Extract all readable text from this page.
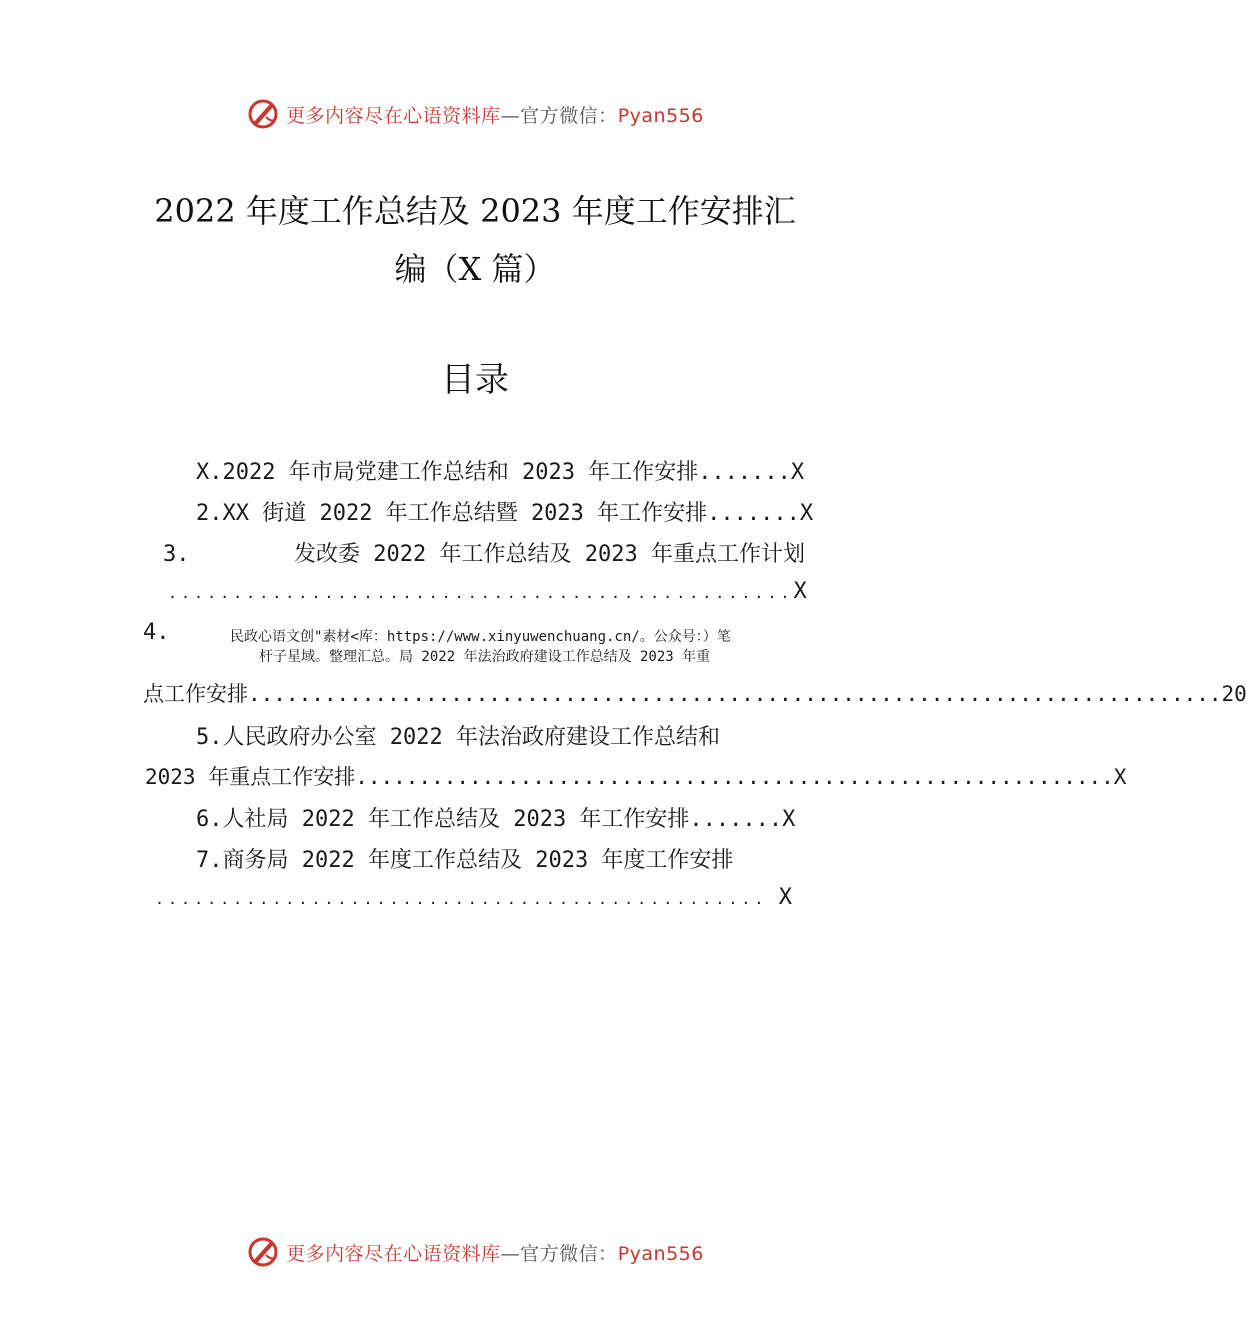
更多内容尽在心语资料库—官方微信：Pyan556
2022 年度工作总结及 2023 年度工作安排汇
编（X 篇）
目录
X.2022 年市局党建工作总结和 2023 年工作安排.......X
2.XX 街道 2022 年工作总结暨 2023 年工作安排.......X
3.	发改委 2022 年工作总结及 2023 年重点工作计划
................................................ X
4.	民政心语文创"素材<库：https://www.xinyuwenchuang.cn/。公众号：）笔
杆子星域。整理汇总。局 2022 年法治政府建设工作总结及 2023 年重
点工作安排.............................................................................20
5.人民政府办公室 2022 年法治政府建设工作总结和
2023 年重点工作安排............................................................X
6.人社局 2022 年工作总结及 2023 年工作安排.......X
7.商务局 2022 年度工作总结及 2023 年度工作安排
............................................... X
更多内容尽在心语资料库—官方微信：Pyan556
